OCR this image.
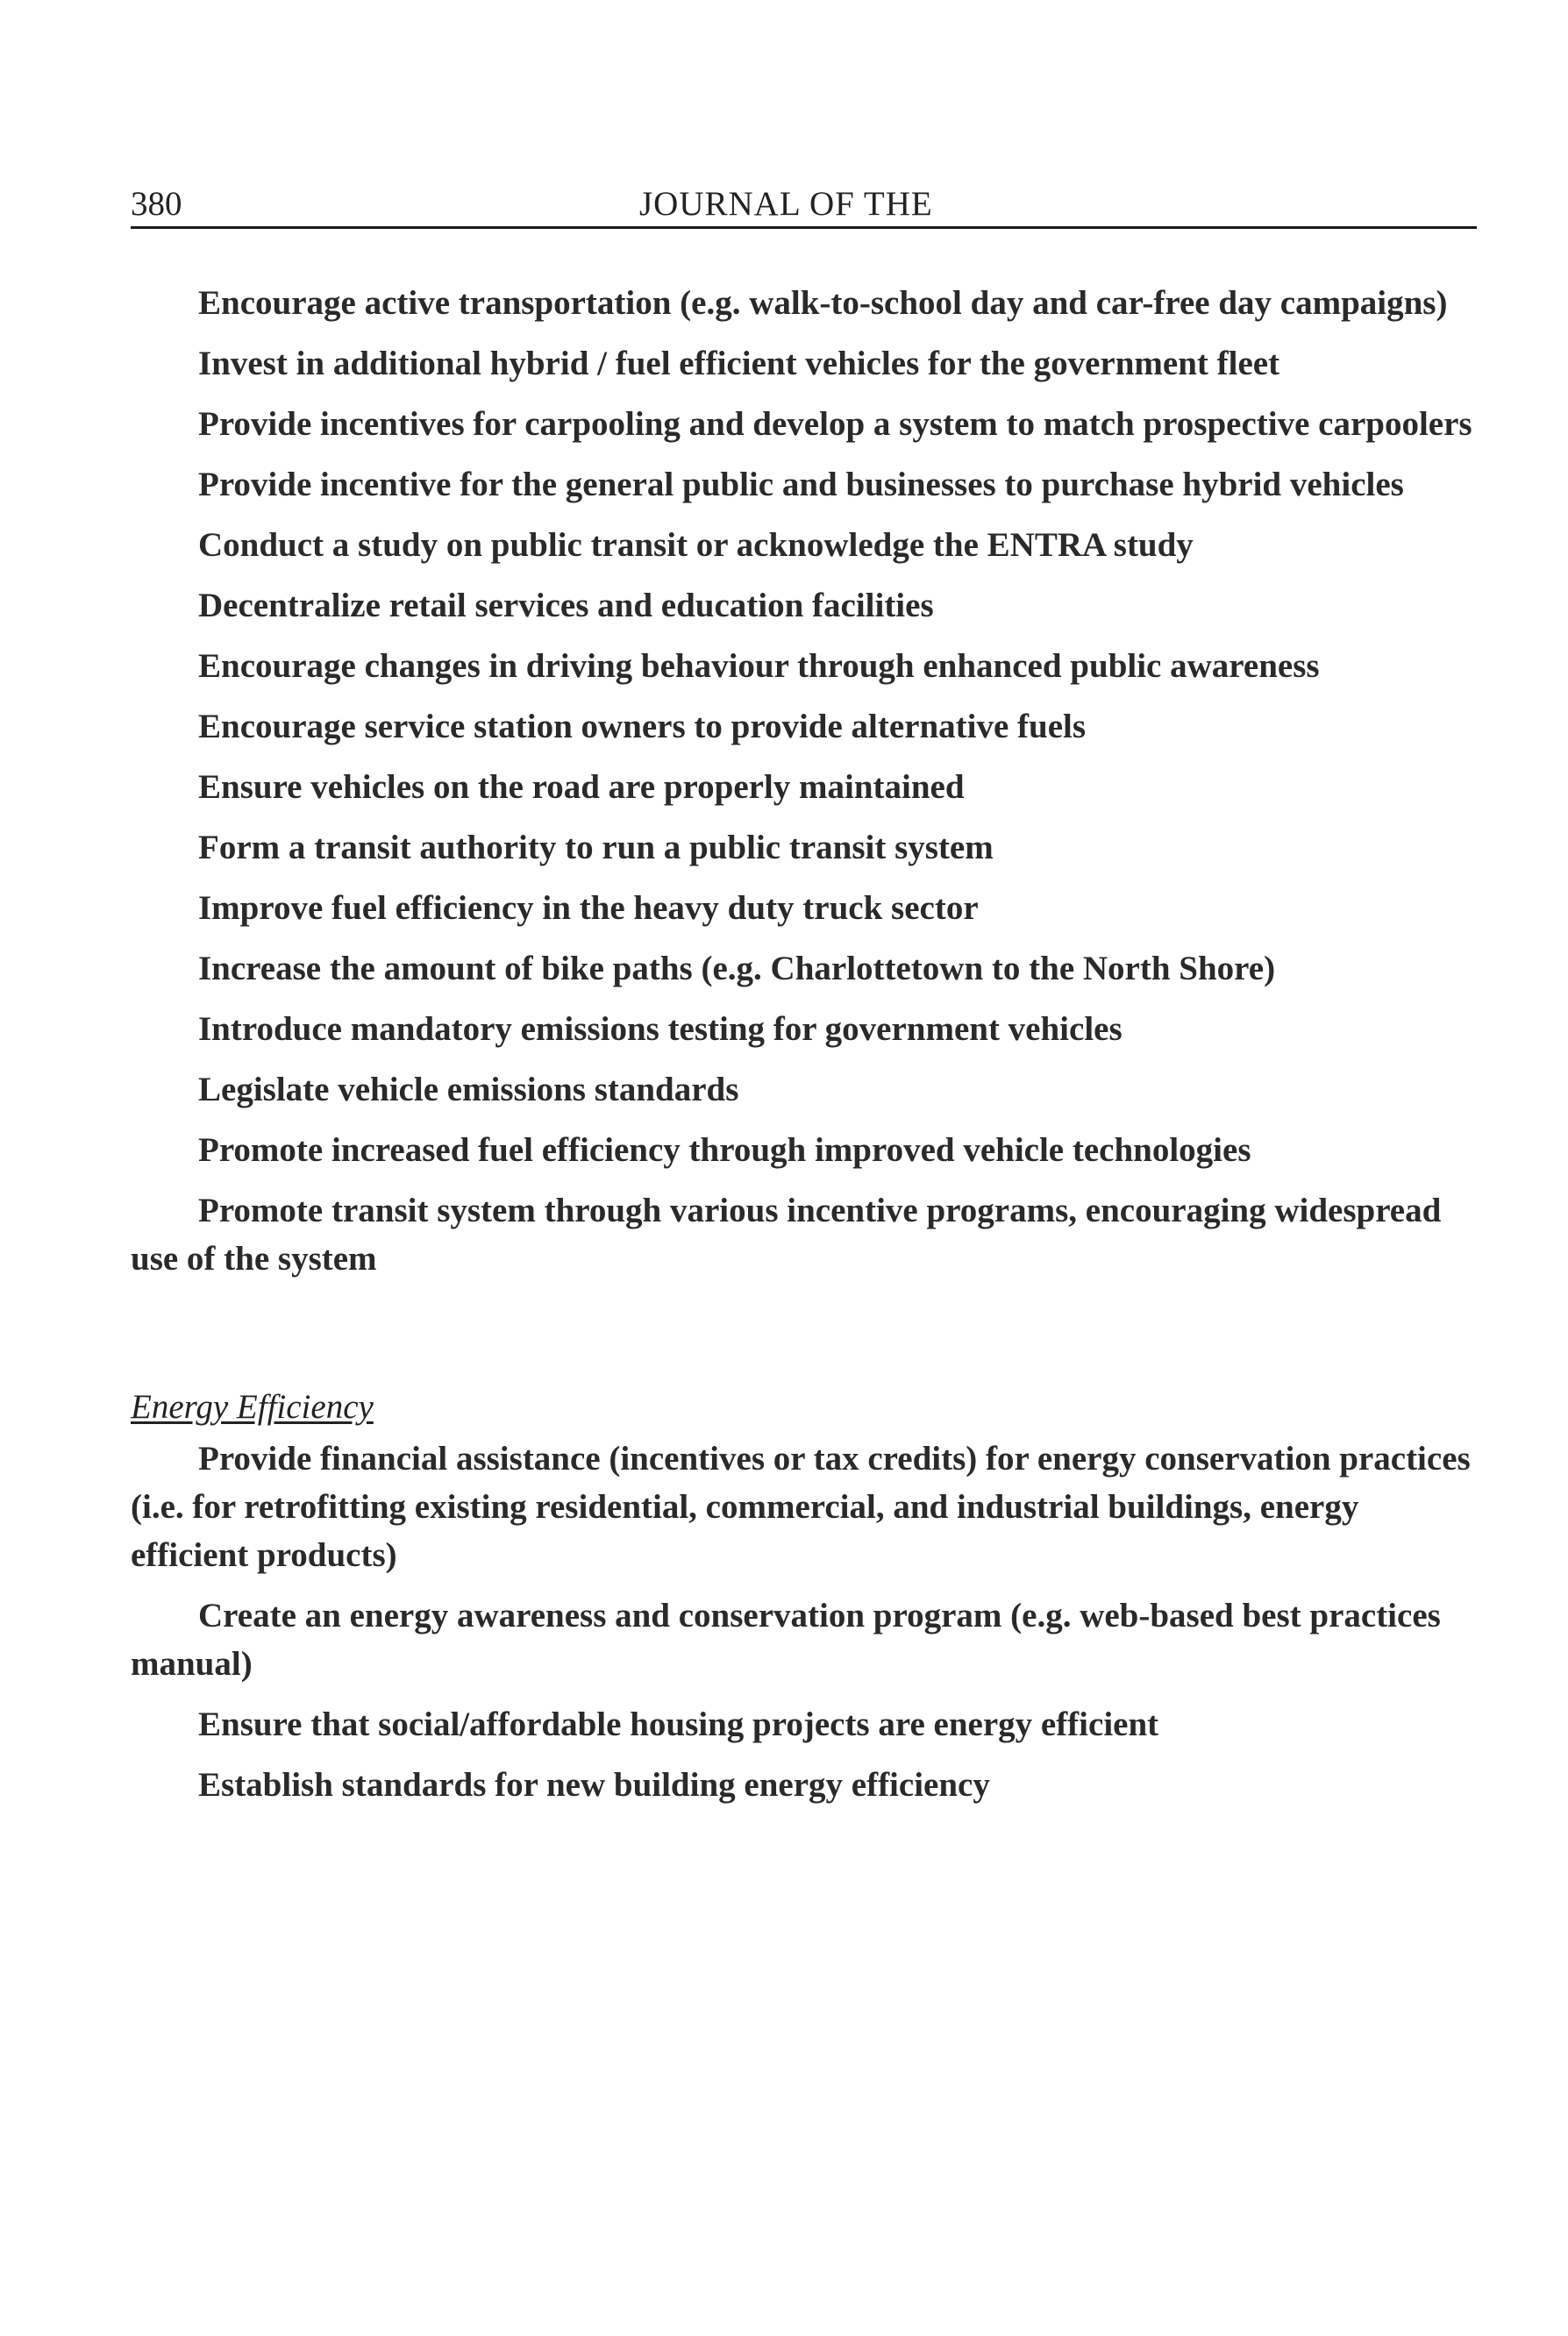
380	JOURNAL OF THE

Encourage active transportation (e.g. walk-to-school day and car-free day campaigns)

Invest in additional hybrid / fuel efficient vehicles for the government fleet

Provide incentives for carpooling and develop a system to match prospective carpoolers

Provide incentive for the general public and businesses to purchase hybrid vehicles

Conduct a study on public transit or acknowledge the ENTRA study

Decentralize retail services and education facilities

Encourage changes in driving behaviour through enhanced public awareness

Encourage service station owners to provide alternative fuels

Ensure vehicles on the road are properly maintained

Form a transit authority to run a public transit system

Improve fuel efficiency in the heavy duty truck sector

Increase the amount of bike paths (e.g. Charlottetown to the North Shore)

Introduce mandatory emissions testing for government vehicles

Legislate vehicle emissions standards

Promote increased fuel efficiency through improved vehicle technologies

Promote transit system through various incentive programs, encouraging widespread use of the system

Energy Efficiency

Provide financial assistance (incentives or tax credits) for energy conservation practices (i.e. for retrofitting existing residential, commercial, and industrial buildings, energy efficient products)

Create an energy awareness and conservation program (e.g. web-based best practices manual)

Ensure that social/affordable housing projects are energy efficient

Establish standards for new building energy efficiency
